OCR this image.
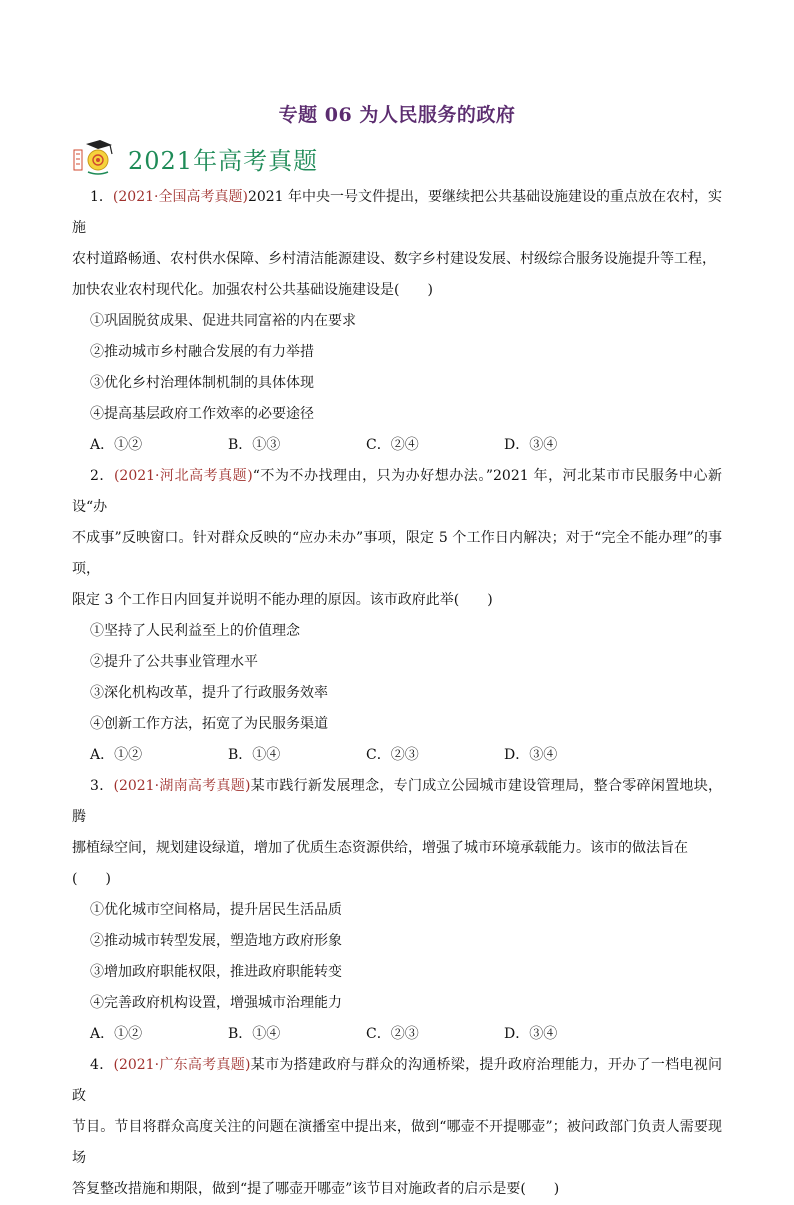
专题 06 为人民服务的政府
2021年高考真题
1．(2021·全国高考真题)2021 年中央一号文件提出，要继续把公共基础设施建设的重点放在农村，实施
农村道路畅通、农村供水保障、乡村清洁能源建设、数字乡村建设发展、村级综合服务设施提升等工程，
加快农业农村现代化。加强农村公共基础设施建设是(　　)
①巩固脱贫成果、促进共同富裕的内在要求
②推动城市乡村融合发展的有力举措
③优化乡村治理体制机制的具体体现
④提高基层政府工作效率的必要途径
A．①②	B．①③	C．②④	D．③④
2．(2021·河北高考真题)“不为不办找理由，只为办好想办法。”2021 年，河北某市市民服务中心新设“办
不成事”反映窗口。针对群众反映的“应办未办”事项，限定 5 个工作日内解决；对于“完全不能办理”的事项，
限定 3 个工作日内回复并说明不能办理的原因。该市政府此举(　　)
①坚持了人民利益至上的价值理念
②提升了公共事业管理水平
③深化机构改革，提升了行政服务效率
④创新工作方法，拓宽了为民服务渠道
A．①②	B．①④	C．②③	D．③④
3．(2021·湖南高考真题)某市践行新发展理念，专门成立公园城市建设管理局，整合零碎闲置地块，腾
挪植绿空间，规划建设绿道，增加了优质生态资源供给，增强了城市环境承载能力。该市的做法旨在
(　　)
①优化城市空间格局，提升居民生活品质
②推动城市转型发展，塑造地方政府形象
③增加政府职能权限，推进政府职能转变
④完善政府机构设置，增强城市治理能力
A．①②	B．①④	C．②③	D．③④
4．(2021·广东高考真题)某市为搭建政府与群众的沟通桥梁，提升政府治理能力，开办了一档电视问政
节目。节目将群众高度关注的问题在演播室中提出来，做到“哪壶不开提哪壶”；被问政部门负责人需要现场
答复整改措施和期限，做到“提了哪壶开哪壶”该节目对施政者的启示是要(　　)
